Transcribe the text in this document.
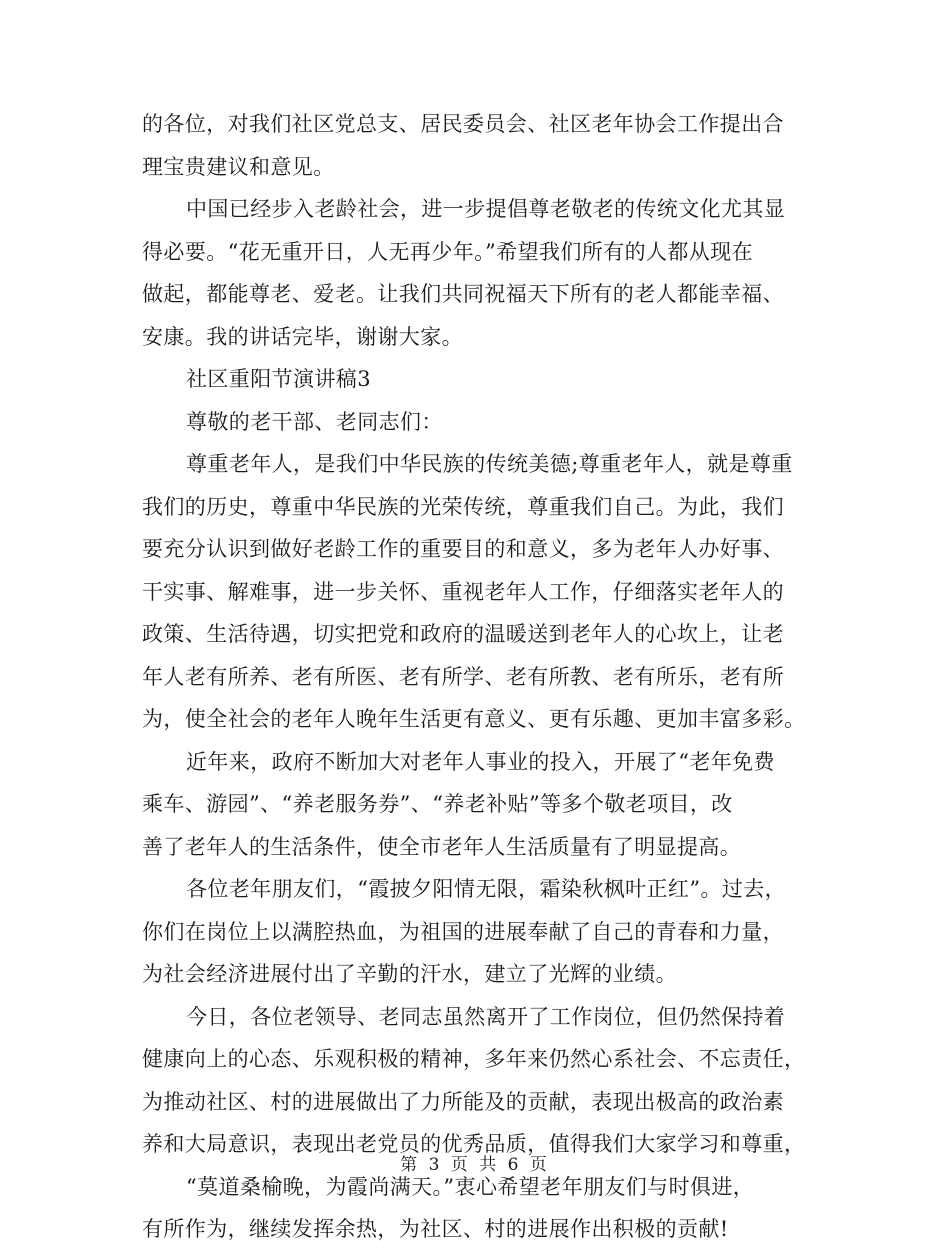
的各位，对我们社区党总支、居民委员会、社区老年协会工作提出合
理宝贵建议和意见。
中国已经步入老龄社会，进一步提倡尊老敬老的传统文化尤其显
得必要。“花无重开日，人无再少年。”希望我们所有的人都从现在
做起，都能尊老、爱老。让我们共同祝福天下所有的老人都能幸福、
安康。我的讲话完毕，谢谢大家。
社区重阳节演讲稿3
尊敬的老干部、老同志们：
尊重老年人，是我们中华民族的传统美德;尊重老年人，就是尊重
我们的历史，尊重中华民族的光荣传统，尊重我们自己。为此，我们
要充分认识到做好老龄工作的重要目的和意义，多为老年人办好事、
干实事、解难事，进一步关怀、重视老年人工作，仔细落实老年人的
政策、生活待遇，切实把党和政府的温暖送到老年人的心坎上，让老
年人老有所养、老有所医、老有所学、老有所教、老有所乐，老有所
为，使全社会的老年人晚年生活更有意义、更有乐趣、更加丰富多彩。
近年来，政府不断加大对老年人事业的投入，开展了“老年免费
乘车、游园”、“养老服务券”、“养老补贴”等多个敬老项目，改
善了老年人的生活条件，使全市老年人生活质量有了明显提高。
各位老年朋友们，“霞披夕阳情无限，霜染秋枫叶正红”。过去，
你们在岗位上以满腔热血，为祖国的进展奉献了自己的青春和力量，
为社会经济进展付出了辛勤的汗水，建立了光辉的业绩。
今日，各位老领导、老同志虽然离开了工作岗位，但仍然保持着
健康向上的心态、乐观积极的精神，多年来仍然心系社会、不忘责任，
为推动社区、村的进展做出了力所能及的贡献，表现出极高的政治素
养和大局意识，表现出老党员的优秀品质，值得我们大家学习和尊重，
“莫道桑榆晚，为霞尚满天。”衷心希望老年朋友们与时俱进，
有所作为，继续发挥余热，为社区、村的进展作出积极的贡献!
第 3 页 共 6 页
